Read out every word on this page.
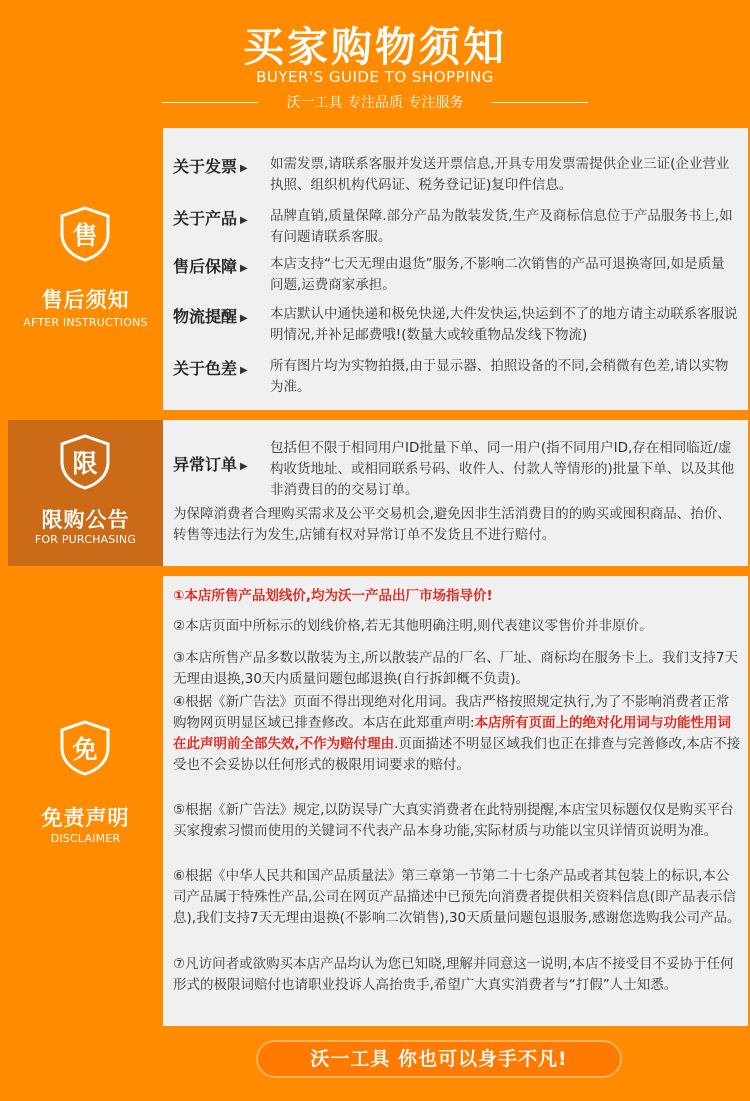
买家购物须知
BUYER'S GUIDE TO SHOPPING
沃一工具 专注品质 专注服务
售
售后须知
AFTER INSTRUCTIONS
关于发票 ▶ 如需发票,请联系客服并发送开票信息,开具专用发票需提供企业三证(企业营业执照、组织机构代码证、税务登记证)复印件信息。
关于产品 ▶ 品牌直销,质量保障.部分产品为散装发货,生产及商标信息位于产品服务书上,如有问题请联系客服。
售后保障 ▶ 本店支持“七天无理由退货”服务,不影响二次销售的产品可退换寄回,如是质量问题,运费商家承担。
物流提醒 ▶ 本店默认中通快递和极免快递,大件发快运,快运到不了的地方请主动联系客服说明情况,并补足邮费哦!(数量大或较重物品发线下物流)
关于色差 ▶ 所有图片均为实物拍摄,由于显示器、拍照设备的不同,会稍微有色差,请以实物为准。
限
限购公告
FOR PURCHASING
异常订单 ▶
包括但不限于相同用户ID批量下单、同一用户(指不同用户ID,存在相同临近/虚构收货地址、或相同联系号码、收件人、付款人等情形的)批量下单、以及其他非消费目的的交易订单。
为保障消费者合理购买需求及公平交易机会,避免因非生活消费目的的购买或囤积商品、抬价、转售等违法行为发生,店铺有权对异常订单不发货且不进行赔付。
免
免责声明
DISCLAIMER
①本店所售产品划线价,均为沃一产品出厂市场指导价!
②本店页面中所标示的划线价格,若无其他明确注明,则代表建议零售价并非原价。
③本店所售产品多数以散装为主,所以散装产品的厂名、厂址、商标均在服务卡上。我们支持7天无理由退换,30天内质量问题包邮退换(自行拆卸概不负责)。
④根据《新广告法》页面不得出现绝对化用词。我店严格按照规定执行,为了不影响消费者正常购物网页明显区域已排查修改。本店在此郑重声明:本店所有页面上的绝对化用词与功能性用词在此声明前全部失效,不作为赔付理由.页面描述不明显区域我们也正在排查与完善修改,本店不接受也不会妥协以任何形式的极限用词要求的赔付。
⑤根据《新广告法》规定,以防误导广大真实消费者在此特别提醒,本店宝贝标题仅仅是购买平台买家搜索习惯而使用的关键词不代表产品本身功能,实际材质与功能以宝贝详情页说明为准。
⑥根据《中华人民共和国产品质量法》第三章第一节第二十七条产品或者其包装上的标识,本公司产品属于特殊性产品,公司在网页产品描述中已预先向消费者提供相关资料信息(即产品表示信息),我们支持7天无理由退换(不影响二次销售),30天质量问题包退服务,感谢您选购我公司产品。
⑦凡访问者或欲购买本店产品均认为您已知晓,理解并同意这一说明,本店不接受目不妥协于任何形式的极限词赔付也请职业投诉人高抬贵手,希望广大真实消费者与“打假”人士知悉。
沃一工具 你也可以身手不凡!
